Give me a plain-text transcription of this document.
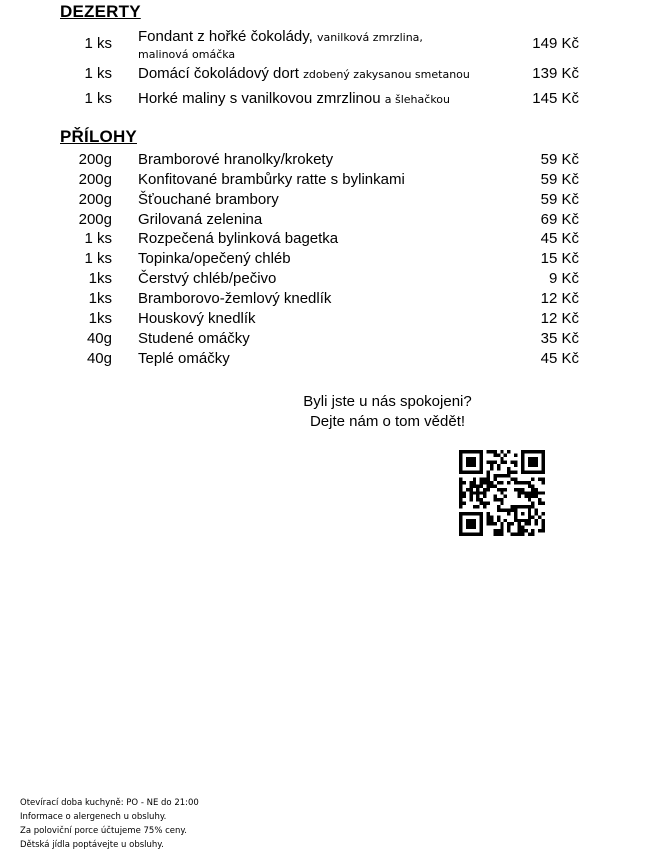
DEZERTY
1 ks Fondant z hořké čokolády, vanilková zmrzlina,
malinová omáčka
149 Kč
1 ks Domácí čokoládový dort zdobený zakysanou smetanou	139 Kč
1 ks Horké maliny s vanilkovou zmrzlinou a šlehačkou	145 Kč
PŘÍLOHY
200g Bramborové hranolky/krokety	59 Kč
200g Konfitované brambůrky ratte s bylinkami	59 Kč
200g Šťouchané brambory	59 Kč
200g Grilovaná zelenina	69 Kč
1 ks Rozpečená bylinková bagetka	45 Kč
1 ks Topinka/opečený chléb	15 Kč
1ks Čerstvý chléb/pečivo	9 Kč
1ks Bramborovo-žemlový knedlík	12 Kč
1ks Houskový knedlík	12 Kč
40g Studené omáčky	35 Kč
40g Teplé omáčky	45 Kč
Byli jste u nás spokojeni?
Dejte nám o tom vědět!
Otevírací doba kuchyně: PO - NE do 21:00
Informace o alergenech u obsluhy.
Za poloviční porce účtujeme 75% ceny.
Dětská jídla poptávejte u obsluhy.
